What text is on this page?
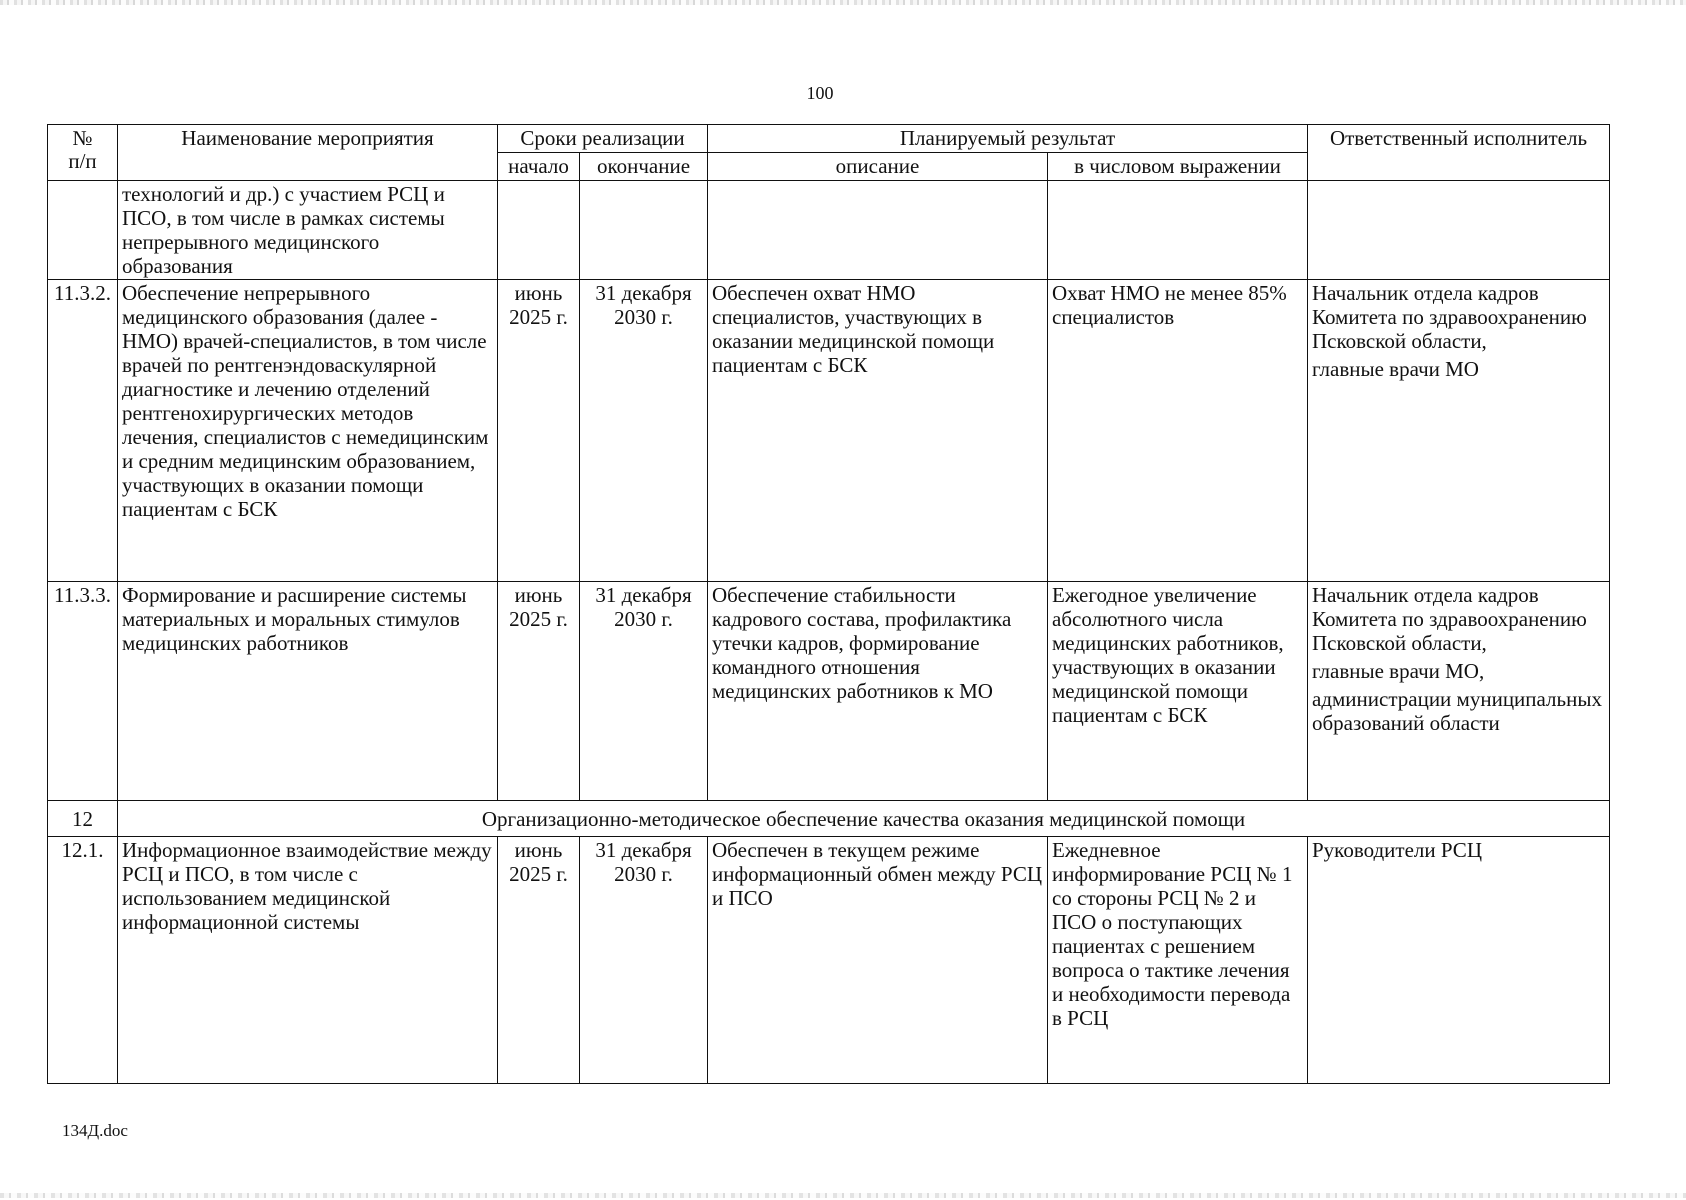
100
№
п/п	Наименование мероприятия	Сроки реализации		Планируемый результат		Ответственный исполнитель
		начало	окончание	описание	в числовом выражении	
	технологий и др.) с участием РСЦ и ПСО, в том числе в рамках системы непрерывного медицинского образования					
11.3.2.	Обеспечение непрерывного медицинского образования (далее - НМО) врачей-специалистов, в том числе врачей по рентгенэндоваскулярной диагностике и лечению отделений рентгенохирургических методов лечения, специалистов с немедицинским и средним медицинским образованием, участвующих в оказании помощи пациентам с БСК	июнь 2025 г.	31 декабря 2030 г.	Обеспечен охват НМО специалистов, участвующих в оказании медицинской помощи пациентам с БСК	Охват НМО не менее 85% специалистов	Начальник отдела кадров Комитета по здравоохранению Псковской области,
главные врачи МО

11.3.3.	Формирование и расширение системы материальных и моральных стимулов медицинских работников	июнь 2025 г.	31 декабря 2030 г.	Обеспечение стабильности кадрового состава, профилактика утечки кадров, формирование командного отношения медицинских работников к МО	Ежегодное увеличение абсолютного числа медицинских работников, участвующих в оказании медицинской помощи пациентам с БСК	Начальник отдела кадров Комитета по здравоохранению Псковской области,
главные врачи МО,
администрации муниципальных образований области

12	Организационно-методическое обеспечение качества оказания медицинской помощи					
12.1.	Информационное взаимодействие между РСЦ и ПСО, в том числе с использованием медицинской информационной системы	июнь 2025 г.	31 декабря 2030 г.	Обеспечен в текущем режиме информационный обмен между РСЦ и ПСО	Ежедневное информирование РСЦ № 1 со стороны РСЦ № 2 и ПСО о поступающих пациентах с решением вопроса о тактике лечения и необходимости перевода в РСЦ	Руководители РСЦ
134Д.doc
